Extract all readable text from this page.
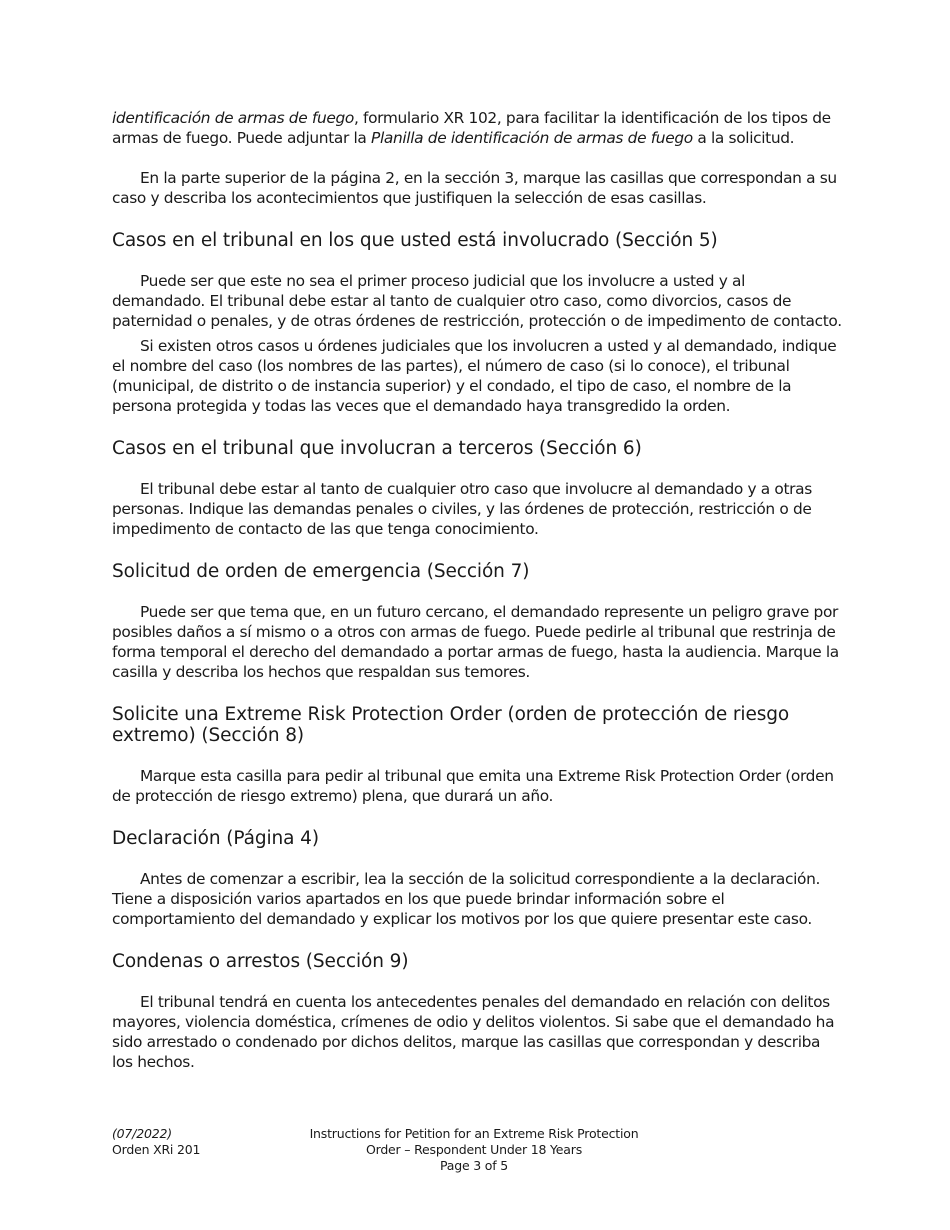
identificación de armas de fuego, formulario XR 102, para facilitar la identificación de los tipos de armas de fuego. Puede adjuntar la Planilla de identificación de armas de fuego a la solicitud.

En la parte superior de la página 2, en la sección 3, marque las casillas que correspondan a su caso y describa los acontecimientos que justifiquen la selección de esas casillas.

Casos en el tribunal en los que usted está involucrado (Sección 5)

Puede ser que este no sea el primer proceso judicial que los involucre a usted y al demandado. El tribunal debe estar al tanto de cualquier otro caso, como divorcios, casos de paternidad o penales, y de otras órdenes de restricción, protección o de impedimento de contacto.

Si existen otros casos u órdenes judiciales que los involucren a usted y al demandado, indique el nombre del caso (los nombres de las partes), el número de caso (si lo conoce), el tribunal (municipal, de distrito o de instancia superior) y el condado, el tipo de caso, el nombre de la persona protegida y todas las veces que el demandado haya transgredido la orden.

Casos en el tribunal que involucran a terceros (Sección 6)

El tribunal debe estar al tanto de cualquier otro caso que involucre al demandado y a otras personas. Indique las demandas penales o civiles, y las órdenes de protección, restricción o de impedimento de contacto de las que tenga conocimiento.

Solicitud de orden de emergencia (Sección 7)

Puede ser que tema que, en un futuro cercano, el demandado represente un peligro grave por posibles daños a sí mismo o a otros con armas de fuego. Puede pedirle al tribunal que restrinja de forma temporal el derecho del demandado a portar armas de fuego, hasta la audiencia. Marque la casilla y describa los hechos que respaldan sus temores.

Solicite una Extreme Risk Protection Order (orden de protección de riesgo extremo) (Sección 8)

Marque esta casilla para pedir al tribunal que emita una Extreme Risk Protection Order (orden de protección de riesgo extremo) plena, que durará un año.

Declaración (Página 4)

Antes de comenzar a escribir, lea la sección de la solicitud correspondiente a la declaración. Tiene a disposición varios apartados en los que puede brindar información sobre el comportamiento del demandado y explicar los motivos por los que quiere presentar este caso.

Condenas o arrestos (Sección 9)

El tribunal tendrá en cuenta los antecedentes penales del demandado en relación con delitos mayores, violencia doméstica, crímenes de odio y delitos violentos. Si sabe que el demandado ha sido arrestado o condenado por dichos delitos, marque las casillas que correspondan y describa los hechos.

(07/2022)
Orden XRi 201
Instructions for Petition for an Extreme Risk Protection
Order – Respondent Under 18 Years
Page 3 of 5
